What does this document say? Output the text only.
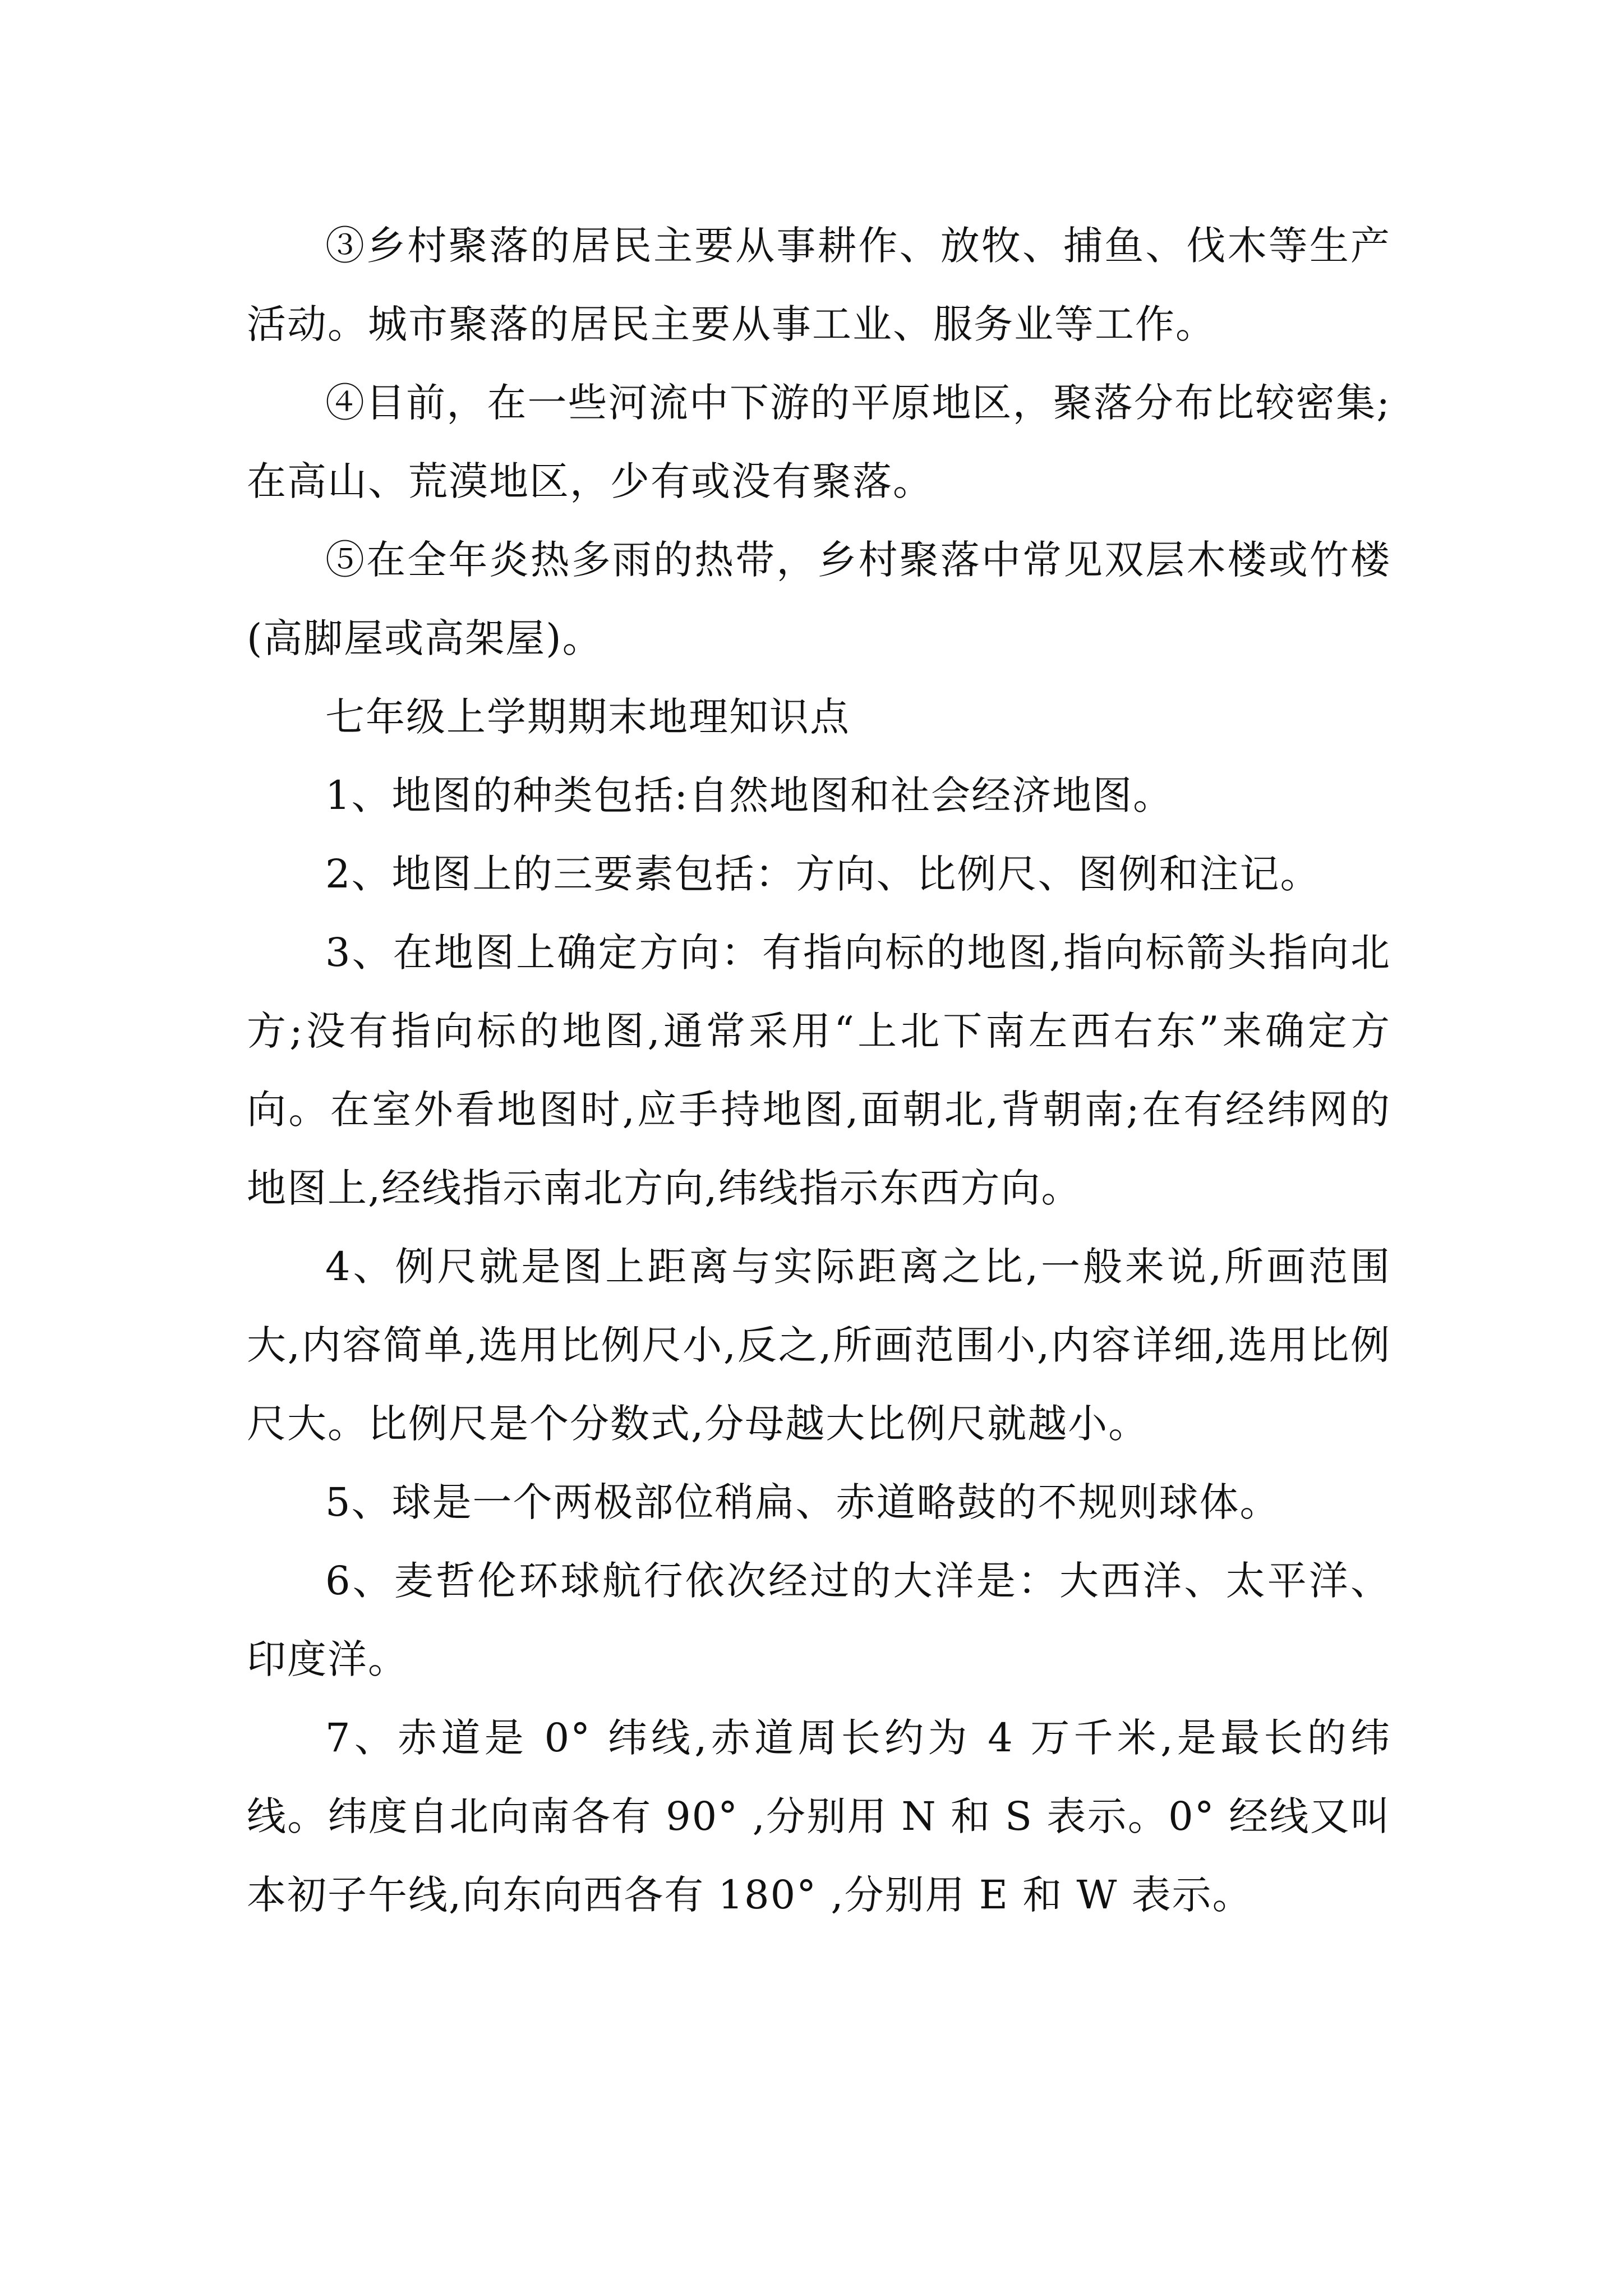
③乡村聚落的居民主要从事耕作、放牧、捕鱼、伐木等生产活动。城市聚落的居民主要从事工业、服务业等工作。

④目前，在一些河流中下游的平原地区，聚落分布比较密集;在高山、荒漠地区，少有或没有聚落。

⑤在全年炎热多雨的热带，乡村聚落中常见双层木楼或竹楼(高脚屋或高架屋)。

七年级上学期期末地理知识点

1、地图的种类包括:自然地图和社会经济地图。

2、地图上的三要素包括：方向、比例尺、图例和注记。

3、在地图上确定方向：有指向标的地图,指向标箭头指向北方;没有指向标的地图,通常采用“上北下南左西右东”来确定方向。在室外看地图时,应手持地图,面朝北,背朝南;在有经纬网的地图上,经线指示南北方向,纬线指示东西方向。

4、例尺就是图上距离与实际距离之比,一般来说,所画范围大,内容简单,选用比例尺小,反之,所画范围小,内容详细,选用比例尺大。比例尺是个分数式,分母越大比例尺就越小。

5、球是一个两极部位稍扁、赤道略鼓的不规则球体。

6、麦哲伦环球航行依次经过的大洋是：大西洋、太平洋、印度洋。

7、赤道是 0° 纬线,赤道周长约为 4 万千米,是最长的纬线。纬度自北向南各有 90° ,分别用 N 和 S 表示。0° 经线又叫本初子午线,向东向西各有 180° ,分别用 E 和 W 表示。
